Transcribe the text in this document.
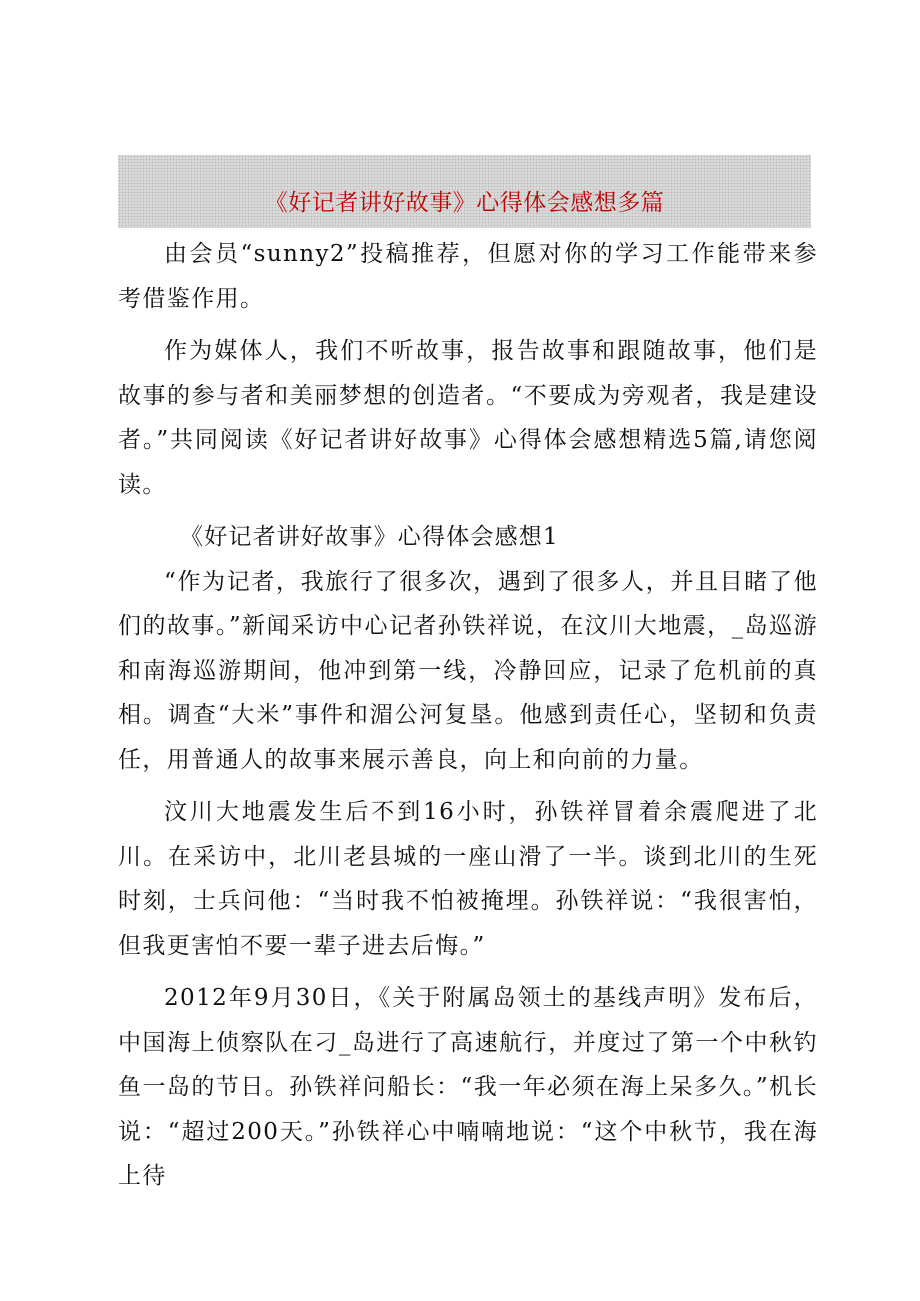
《好记者讲好故事》心得体会感想多篇

由会员“sunny2”投稿推荐，但愿对你的学习工作能带来参考借鉴作用。

作为媒体人，我们不听故事，报告故事和跟随故事，他们是故事的参与者和美丽梦想的创造者。“不要成为旁观者，我是建设者。”共同阅读《好记者讲好故事》心得体会感想精选5篇,请您阅读。

《好记者讲好故事》心得体会感想1

“作为记者，我旅行了很多次，遇到了很多人，并且目睹了他们的故事。”新闻采访中心记者孙铁祥说，在汶川大地震，_岛巡游和南海巡游期间，他冲到第一线，冷静回应，记录了危机前的真相。调查“大米”事件和湄公河复垦。他感到责任心，坚韧和负责任，用普通人的故事来展示善良，向上和向前的力量。

汶川大地震发生后不到16小时，孙铁祥冒着余震爬进了北川。在采访中，北川老县城的一座山滑了一半。谈到北川的生死时刻，士兵问他：“当时我不怕被掩埋。孙铁祥说：“我很害怕，但我更害怕不要一辈子进去后悔。”

2012年9月30日，《关于附属岛领土的基线声明》发布后，中国海上侦察队在刁_岛进行了高速航行，并度过了第一个中秋钓鱼一岛的节日。孙铁祥问船长：“我一年必须在海上呆多久。”机长说：“超过200天。”孙铁祥心中喃喃地说：“这个中秋节，我在海上待
